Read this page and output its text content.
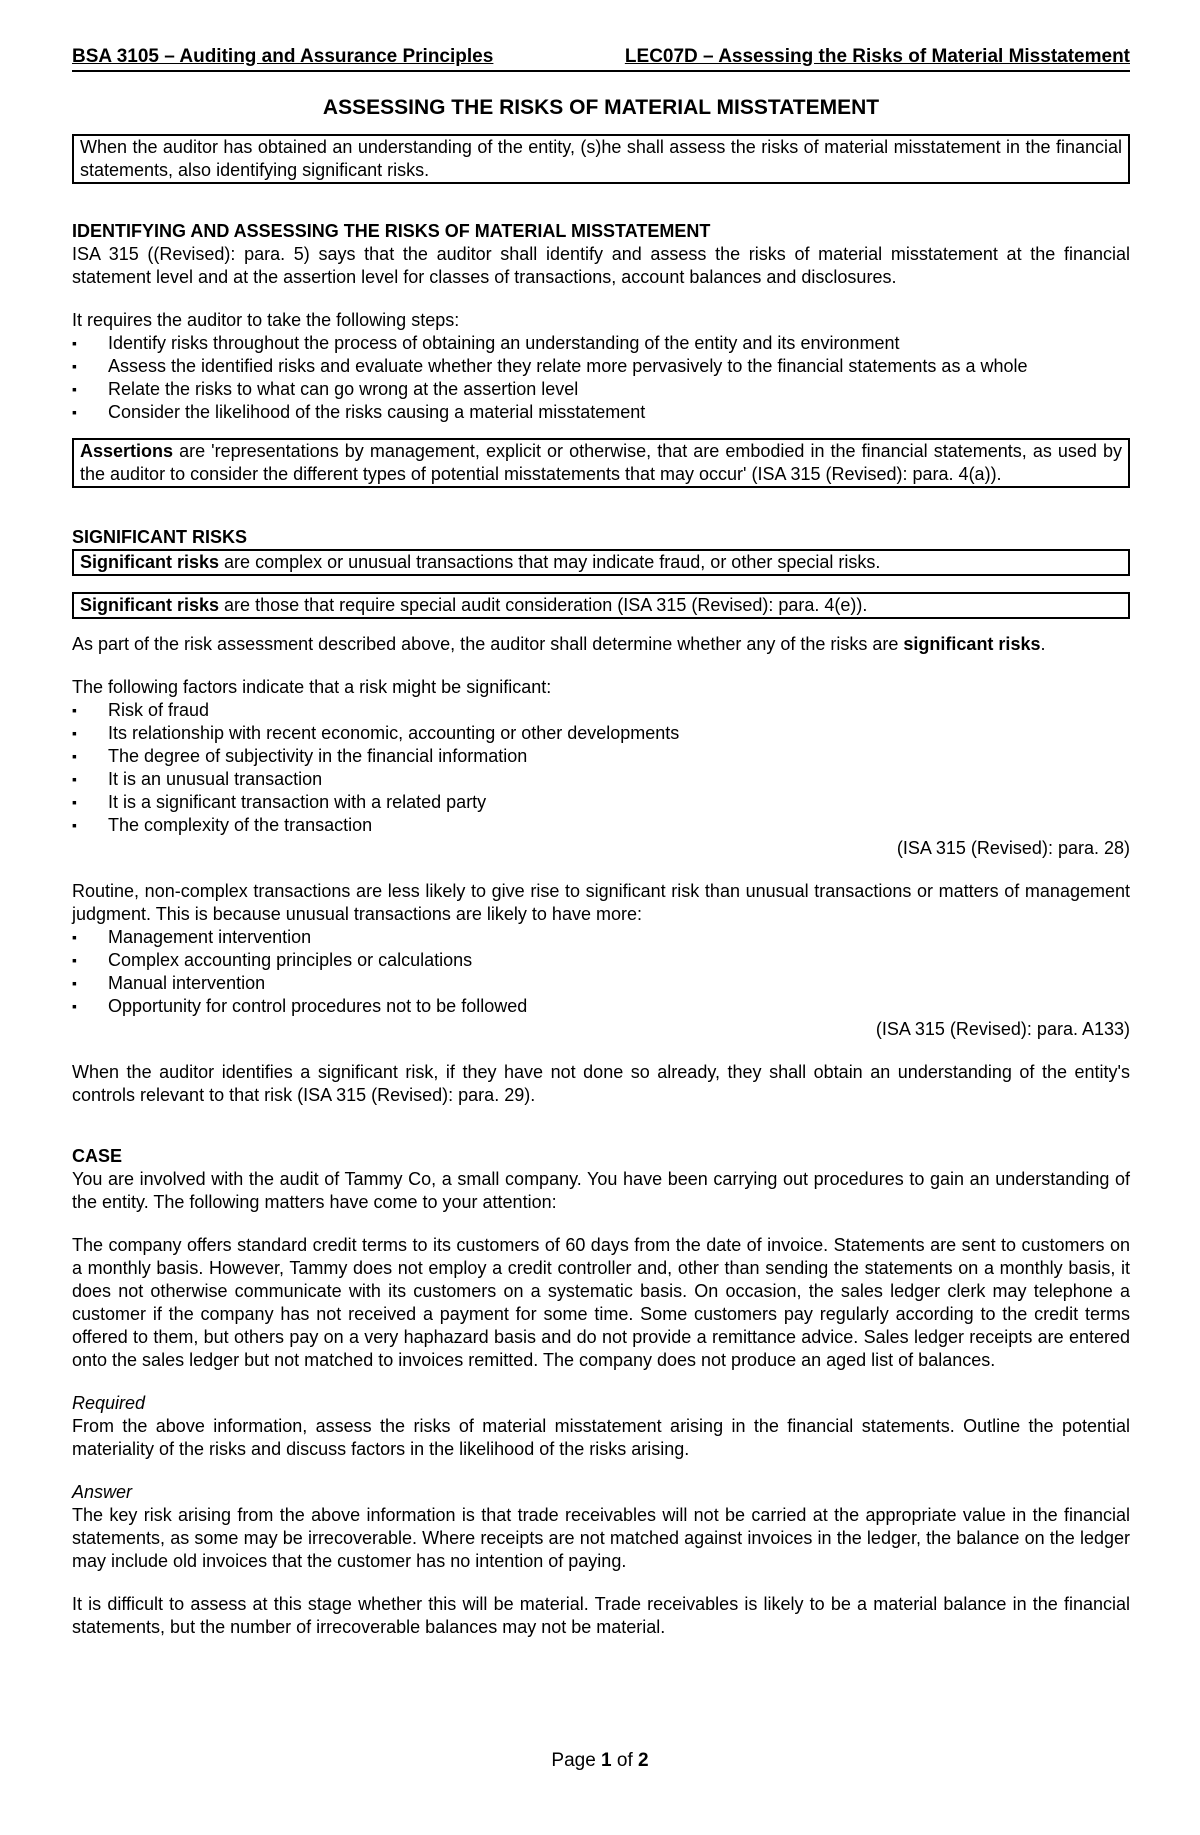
BSA 3105 – Auditing and Assurance Principles	LEC07D – Assessing the Risks of Material Misstatement
ASSESSING THE RISKS OF MATERIAL MISSTATEMENT
When the auditor has obtained an understanding of the entity, (s)he shall assess the risks of material misstatement in the financial statements, also identifying significant risks.
IDENTIFYING AND ASSESSING THE RISKS OF MATERIAL MISSTATEMENT

ISA 315 ((Revised): para. 5) says that the auditor shall identify and assess the risks of material misstatement at the financial statement level and at the assertion level for classes of transactions, account balances and disclosures.

It requires the auditor to take the following steps:

▪ Identify risks throughout the process of obtaining an understanding of the entity and its environment
▪ Assess the identified risks and evaluate whether they relate more pervasively to the financial statements as a whole
▪ Relate the risks to what can go wrong at the assertion level
▪ Consider the likelihood of the risks causing a material misstatement
Assertions are 'representations by management, explicit or otherwise, that are embodied in the financial statements, as used by the auditor to consider the different types of potential misstatements that may occur' (ISA 315 (Revised): para. 4(a)).
SIGNIFICANT RISKS
Significant risks are complex or unusual transactions that may indicate fraud, or other special risks.
Significant risks are those that require special audit consideration (ISA 315 (Revised): para. 4(e)).

As part of the risk assessment described above, the auditor shall determine whether any of the risks are significant risks.

The following factors indicate that a risk might be significant:

▪ Risk of fraud
▪ Its relationship with recent economic, accounting or other developments
▪ The degree of subjectivity in the financial information
▪ It is an unusual transaction
▪ It is a significant transaction with a related party
▪ The complexity of the transaction
(ISA 315 (Revised): para. 28)

Routine, non-complex transactions are less likely to give rise to significant risk than unusual transactions or matters of management judgment. This is because unusual transactions are likely to have more:

▪ Management intervention
▪ Complex accounting principles or calculations
▪ Manual intervention
▪ Opportunity for control procedures not to be followed
(ISA 315 (Revised): para. A133)

When the auditor identifies a significant risk, if they have not done so already, they shall obtain an understanding of the entity's controls relevant to that risk (ISA 315 (Revised): para. 29).

CASE

You are involved with the audit of Tammy Co, a small company. You have been carrying out procedures to gain an understanding of the entity. The following matters have come to your attention:

The company offers standard credit terms to its customers of 60 days from the date of invoice. Statements are sent to customers on a monthly basis. However, Tammy does not employ a credit controller and, other than sending the statements on a monthly basis, it does not otherwise communicate with its customers on a systematic basis. On occasion, the sales ledger clerk may telephone a customer if the company has not received a payment for some time. Some customers pay regularly according to the credit terms offered to them, but others pay on a very haphazard basis and do not provide a remittance advice. Sales ledger receipts are entered onto the sales ledger but not matched to invoices remitted. The company does not produce an aged list of balances.

Required

From the above information, assess the risks of material misstatement arising in the financial statements. Outline the potential materiality of the risks and discuss factors in the likelihood of the risks arising.

Answer

The key risk arising from the above information is that trade receivables will not be carried at the appropriate value in the financial statements, as some may be irrecoverable. Where receipts are not matched against invoices in the ledger, the balance on the ledger may include old invoices that the customer has no intention of paying.

It is difficult to assess at this stage whether this will be material. Trade receivables is likely to be a material balance in the financial statements, but the number of irrecoverable balances may not be material.

Page 1 of 2
